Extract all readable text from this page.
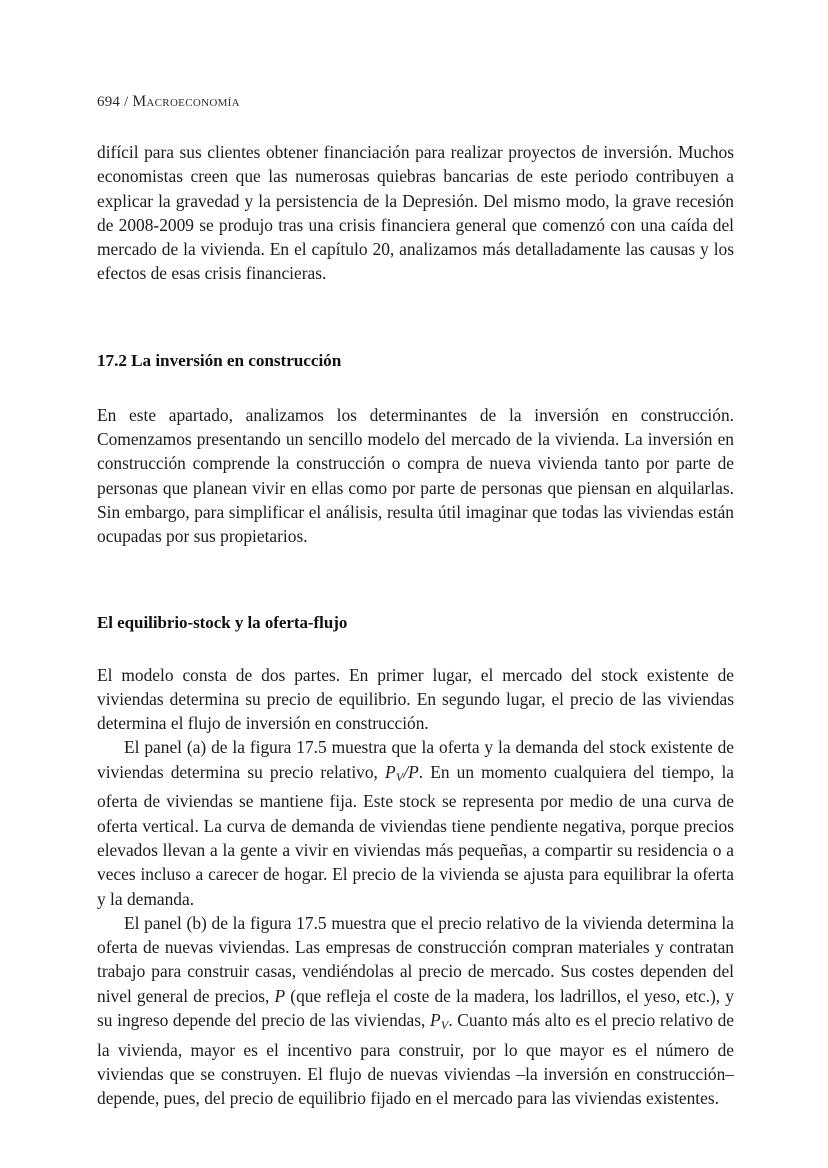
694 / Macroeconomía

difícil para sus clientes obtener financiación para realizar proyectos de inversión. Muchos economistas creen que las numerosas quiebras bancarias de este periodo contribuyen a explicar la gravedad y la persistencia de la Depresión. Del mismo modo, la grave recesión de 2008-2009 se produjo tras una crisis financiera general que comenzó con una caída del mercado de la vivienda. En el capítulo 20, analizamos más detalladamente las causas y los efectos de esas crisis financieras.

17.2 La inversión en construcción

En este apartado, analizamos los determinantes de la inversión en construcción. Comenzamos presentando un sencillo modelo del mercado de la vivienda. La inversión en construcción comprende la construcción o compra de nueva vivienda tanto por parte de personas que planean vivir en ellas como por parte de personas que piensan en alquilarlas. Sin embargo, para simplificar el análisis, resulta útil imaginar que todas las viviendas están ocupadas por sus propietarios.

El equilibrio-stock y la oferta-flujo

El modelo consta de dos partes. En primer lugar, el mercado del stock existente de viviendas determina su precio de equilibrio. En segundo lugar, el precio de las viviendas determina el flujo de inversión en construcción.

El panel (a) de la figura 17.5 muestra que la oferta y la demanda del stock existente de viviendas determina su precio relativo, $P_V/P$. En un momento cualquiera del tiempo, la oferta de viviendas se mantiene fija. Este stock se representa por medio de una curva de oferta vertical. La curva de demanda de viviendas tiene pendiente negativa, porque precios elevados llevan a la gente a vivir en viviendas más pequeñas, a compartir su residencia o a veces incluso a carecer de hogar. El precio de la vivienda se ajusta para equilibrar la oferta y la demanda.

El panel (b) de la figura 17.5 muestra que el precio relativo de la vivienda determina la oferta de nuevas viviendas. Las empresas de construcción compran materiales y contratan trabajo para construir casas, vendiéndolas al precio de mercado. Sus costes dependen del nivel general de precios, P (que refleja el coste de la madera, los ladrillos, el yeso, etc.), y su ingreso depende del precio de las viviendas, $P_V$. Cuanto más alto es el precio relativo de la vivienda, mayor es el incentivo para construir, por lo que mayor es el número de viviendas que se construyen. El flujo de nuevas viviendas –la inversión en construcción– depende, pues, del precio de equilibrio fijado en el mercado para las viviendas existentes.
